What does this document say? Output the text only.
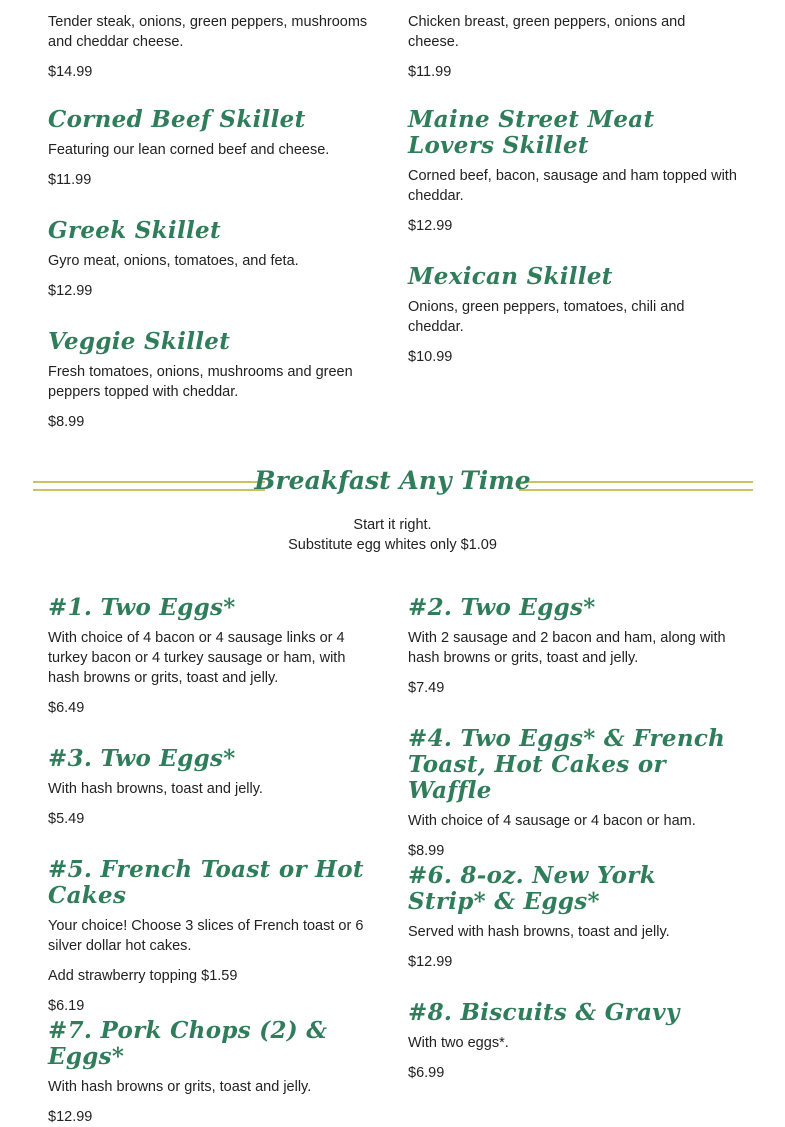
Tender steak, onions, green peppers, mushrooms and cheddar cheese.

$14.99

Chicken breast, green peppers, onions and cheese.

$11.99

Corned Beef Skillet

Featuring our lean corned beef and cheese.

$11.99

Greek Skillet

Gyro meat, onions, tomatoes, and feta.

$12.99

Veggie Skillet

Fresh tomatoes, onions, mushrooms and green peppers topped with cheddar.

$8.99

Maine Street Meat Lovers Skillet

Corned beef, bacon, sausage and ham topped with cheddar.

$12.99

Mexican Skillet

Onions, green peppers, tomatoes, chili and cheddar.

$10.99

Breakfast Any Time
Start it right.
Substitute egg whites only $1.09
#1. Two Eggs*

With choice of 4 bacon or 4 sausage links or 4 turkey bacon or 4 turkey sausage or ham, with hash browns or grits, toast and jelly.

$6.49

#3. Two Eggs*

With hash browns, toast and jelly.

$5.49

#5. French Toast or Hot Cakes

Your choice! Choose 3 slices of French toast or 6 silver dollar hot cakes.

Add strawberry topping $1.59

$6.19

#7. Pork Chops (2) & Eggs*

With hash browns or grits, toast and jelly.

$12.99

#2. Two Eggs*

With 2 sausage and 2 bacon and ham, along with hash browns or grits, toast and jelly.

$7.49

#4. Two Eggs* & French Toast, Hot Cakes or Waffle

With choice of 4 sausage or 4 bacon or ham.

$8.99

#6. 8-oz. New York Strip* & Eggs*

Served with hash browns, toast and jelly.

$12.99

#8. Biscuits & Gravy

With two eggs*.

$6.99
